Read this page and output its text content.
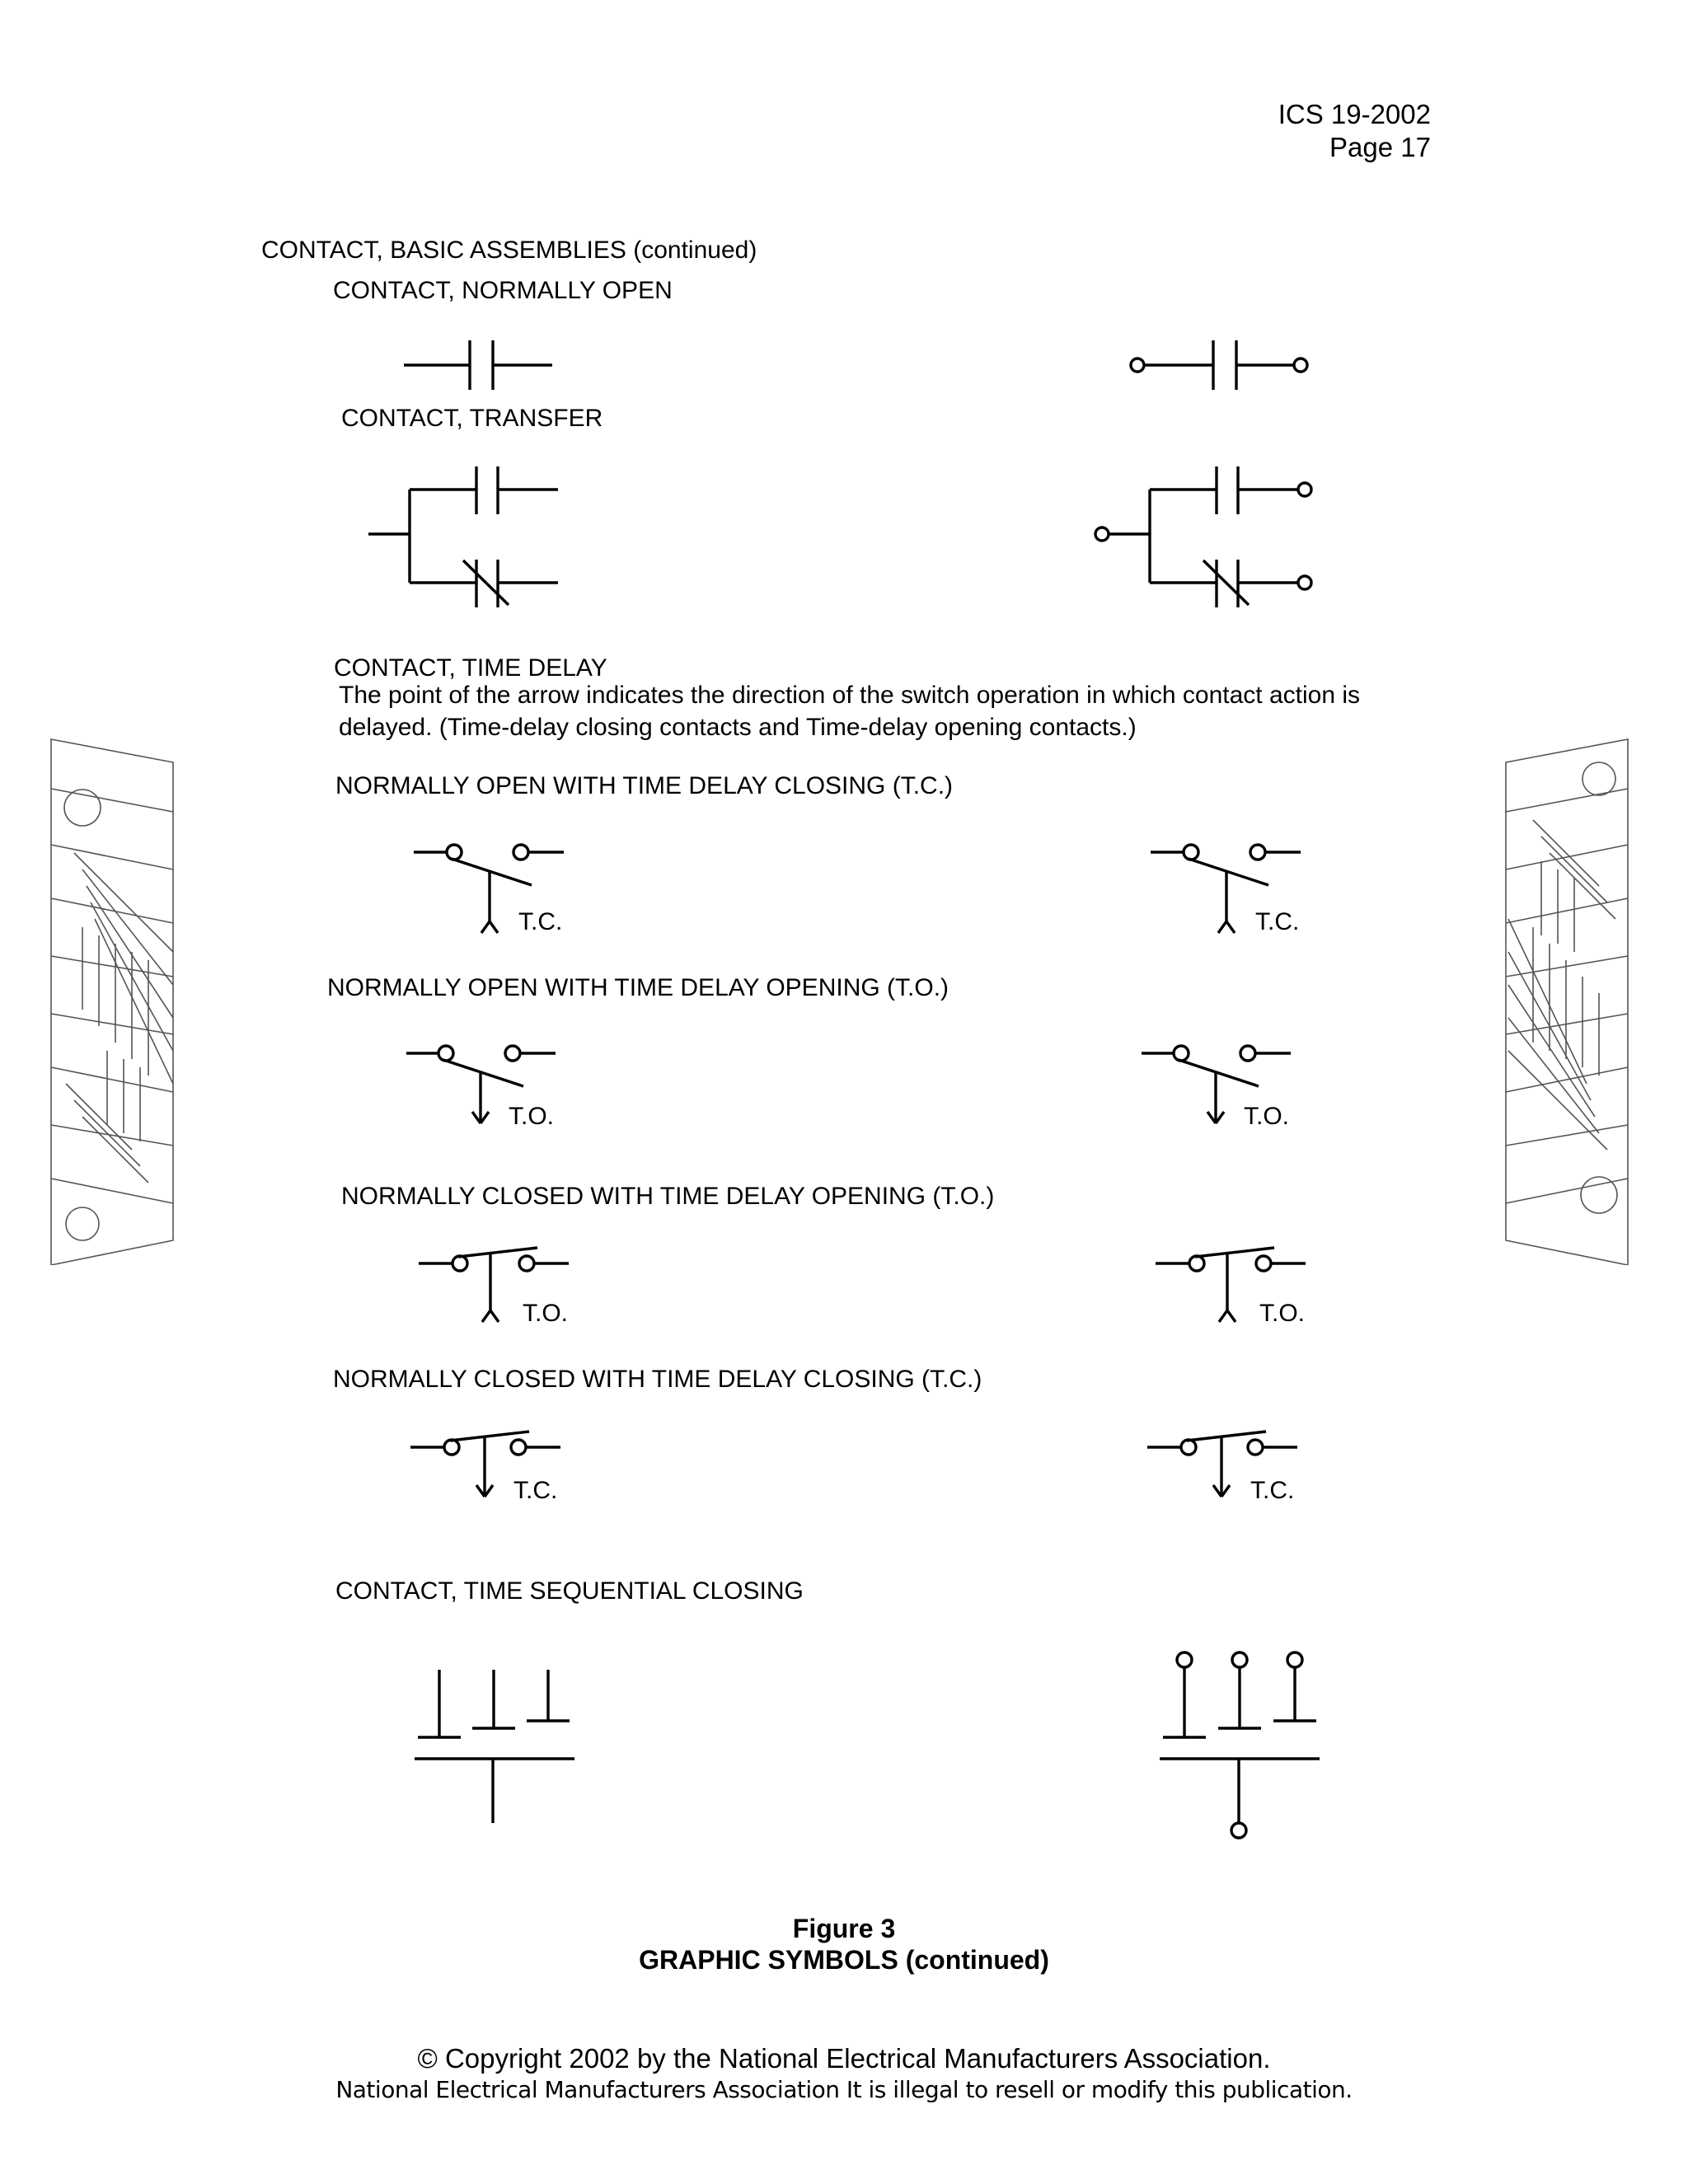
ICS 19-2002
Page 17
CONTACT, BASIC ASSEMBLIES (continued)
CONTACT, NORMALLY OPEN
CONTACT, TRANSFER
CONTACT, TIME DELAY
The point of the arrow indicates the direction of the switch operation in which contact action is
delayed. (Time-delay closing contacts and Time-delay opening contacts.)
NORMALLY OPEN WITH TIME DELAY CLOSING (T.C.)
NORMALLY OPEN WITH TIME DELAY OPENING (T.O.)
NORMALLY CLOSED WITH TIME DELAY OPENING (T.O.)
NORMALLY CLOSED WITH TIME DELAY CLOSING (T.C.)
CONTACT, TIME SEQUENTIAL CLOSING
T.C.	T.C.
T.O.	T.O.
T.O.	T.O.
T.C.	T.C.
Figure 3
GRAPHIC SYMBOLS (continued)
© Copyright 2002 by the National Electrical Manufacturers Association.
National Electrical Manufacturers Association It is illegal to resell or modify this publication.
